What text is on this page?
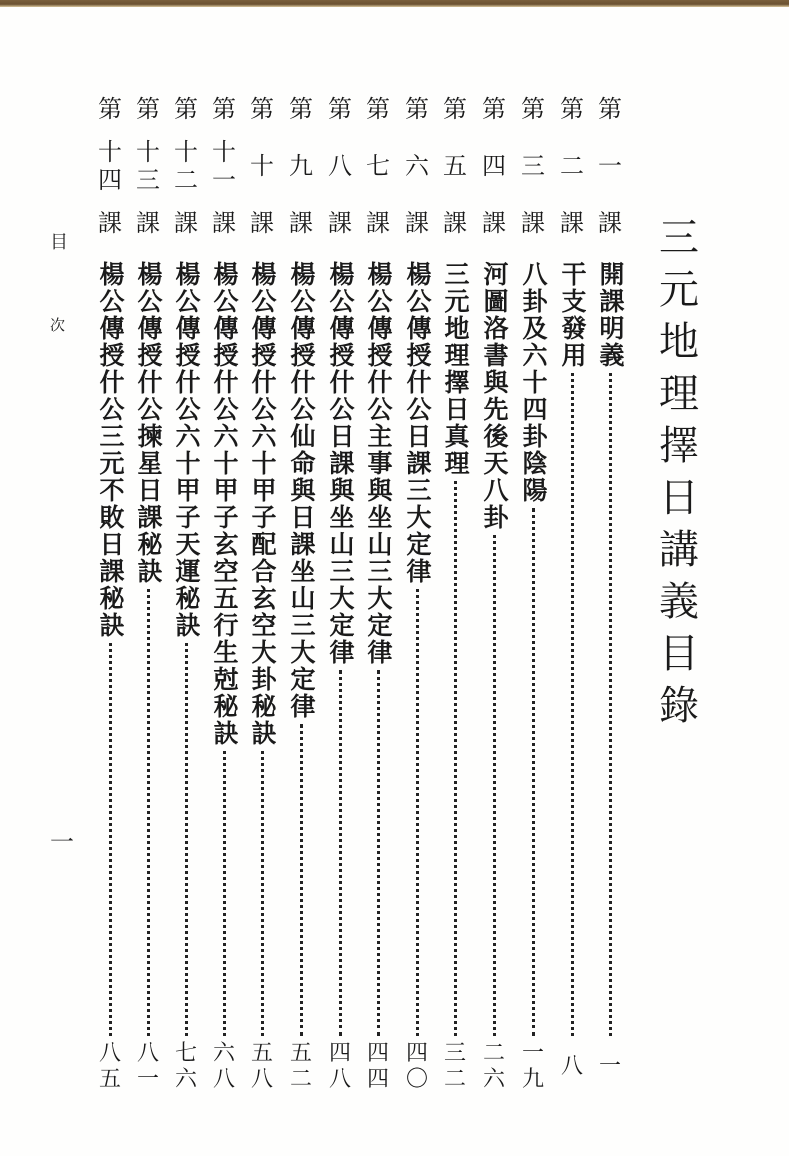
三
元
地
理
擇
日
講
義
目
錄
目
次
一
第
一
課
開課明義
一
第
二
課
干支發用
八
第
三
課
八卦及六十四卦陰陽
一
九
第
四
課
河圖洛書與先後天八卦
二
六
第
五
課
三元地理擇日真理
三
二
第
六
課
楊公傳授什公日課三大定律
四
〇
第
七
課
楊公傳授什公主事與坐山三大定律
四
四
第
八
課
楊公傳授什公日課與坐山三大定律
四
八
第
九
課
楊公傳授什公仙命與日課坐山三大定律
五
二
第
十
課
楊公傳授什公六十甲子配合玄空大卦秘訣
五
八
第
十
一
課
楊公傳授什公六十甲子玄空五行生尅秘訣
六
八
第
十
二
課
楊公傳授什公六十甲子天運秘訣
七
六
第
十
三
課
楊公傳授什公揀星日課秘訣
八
一
第
十
四
課
楊公傳授什公三元不敗日課秘訣
八
五
